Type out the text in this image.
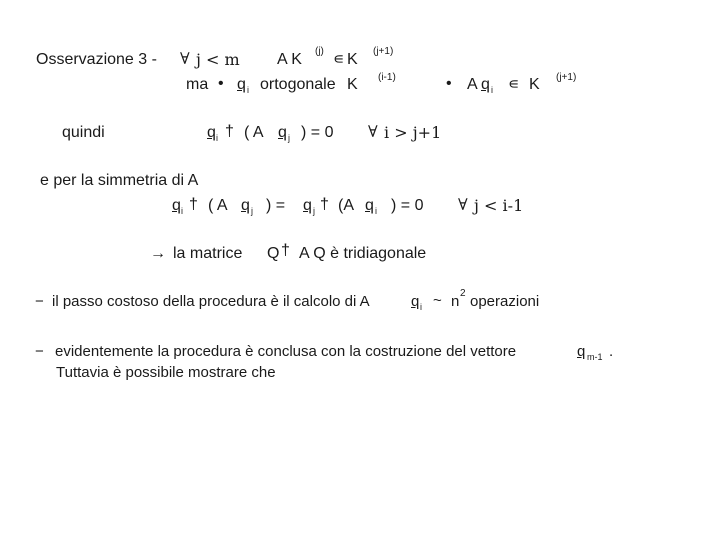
Osservazione 3 - ∀ j < m A K (j) ∊ K (j+1)
ma • q i ortogonale K (i-1)	• A q i ∊ K (j+1)
quindi	q i † ( A q j ) = 0 ∀ i > j+1
e per la simmetria di A
q i † ( A q j ) = q j † (A q i ) = 0 ∀ j < i-1
→ la matrice Q † A Q è tridiagonale
− il passo costoso della procedura è il calcolo di A	q i ~ n 2 operazioni
− evidentemente la procedura è conclusa con la costruzione del vettore	q m-1 .
Tuttavia è possibile mostrare che
